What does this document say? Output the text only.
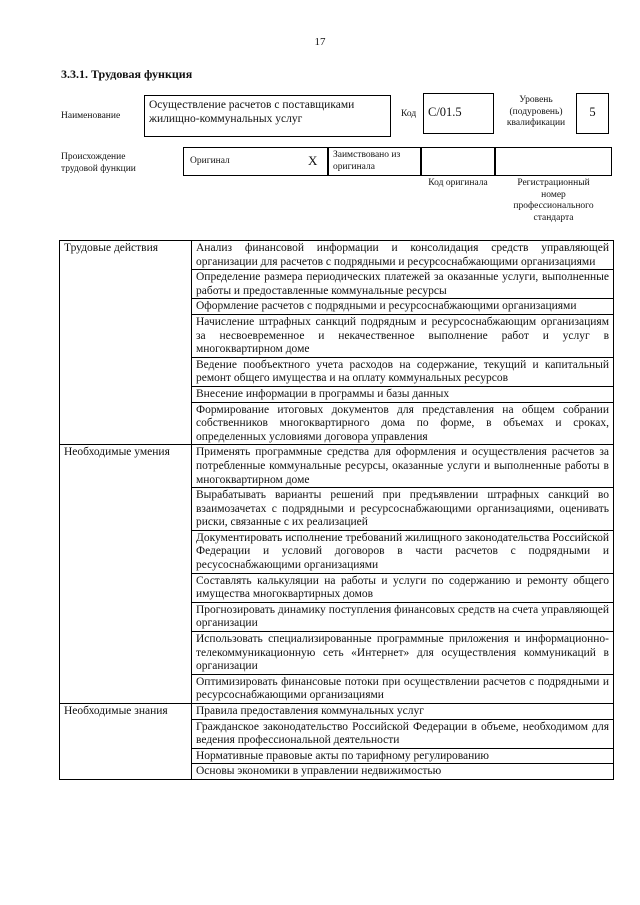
17
3.3.1. Трудовая функция
Наименование
Осуществление расчетов с поставщиками жилищно-коммунальных услуг	Код С/01.5
Уровень
(подуровень)
квалификации
5
Происхождение
трудовой функции
Оригинал	X Заимствовано из
оригинала
Код оригинала	Регистрационный
номер
профессионального
стандарта
Трудовые действия	Анализ финансовой информации и консолидация средств управляющей организации для расчетов с подрядными и ресурсоснабжающими организациями
	Определение размера периодических платежей за оказанные услуги, выполненные работы и предоставленные коммунальные ресурсы
	Оформление расчетов с подрядными и ресурсоснабжающими организациями
	Начисление штрафных санкций подрядным и ресурсоснабжающим организациям за несвоевременное и некачественное выполнение работ и услуг в многоквартирном доме
	Ведение пообъектного учета расходов на содержание, текущий и капитальный ремонт общего имущества и на оплату коммунальных ресурсов
	Внесение информации в программы и базы данных
	Формирование итоговых документов для представления на общем собрании собственников многоквартирного дома по форме, в объемах и сроках, определенных условиями договора управления
Необходимые умения	Применять программные средства для оформления и осуществления расчетов за потребленные коммунальные ресурсы, оказанные услуги и выполненные работы в многоквартирном доме
	Вырабатывать варианты решений при предъявлении штрафных санкций во взаимозачетах с подрядными и ресурсоснабжающими организациями, оценивать риски, связанные с их реализацией
	Документировать исполнение требований жилищного законодательства Российской Федерации и условий договоров в части расчетов с подрядными и ресусоснабжающими организациями
	Составлять калькуляции на работы и услуги по содержанию и ремонту общего имущества многоквартирных домов
	Прогнозировать динамику поступления финансовых средств на счета управляющей организации
	Использовать специализированные программные приложения и информационно-телекоммуникационную сеть «Интернет» для осуществления коммуникаций в организации
	Оптимизировать финансовые потоки при осуществлении расчетов с подрядными и ресурсоснабжающими организациями
Необходимые знания	Правила предоставления коммунальных услуг
	Гражданское законодательство Российской Федерации в объеме, необходимом для ведения профессиональной деятельности
	Нормативные правовые акты по тарифному регулированию
	Основы экономики в управлении недвижимостью
